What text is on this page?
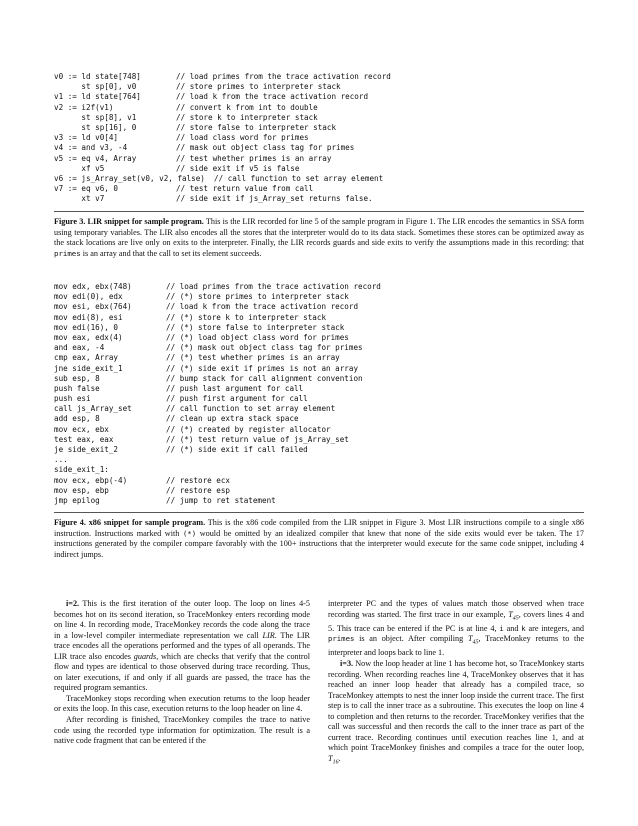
v0 := ld state[748]	// load primes from the trace activation record
st sp[0], v0	// store primes to interpreter stack
v1 := ld state[764]	// load k from the trace activation record
v2 := i2f(v1)	// convert k from int to double
st sp[8], v1	// store k to interpreter stack
st sp[16], 0	// store false to interpreter stack
v3 := ld v0[4]	// load class word for primes
v4 := and v3, -4	// mask out object class tag for primes
v5 := eq v4, Array	// test whether primes is an array
xf v5	// side exit if v5 is false
v6 := js_Array_set(v0, v2, false)  // call function to set array element
v7 := eq v6, 0	// test return value from call
xt v7	// side exit if js_Array_set returns false.

Figure 3. LIR snippet for sample program. This is the LIR recorded for line 5 of the sample program in Figure 1. The LIR encodes the semantics in SSA form using temporary variables. The LIR also encodes all the stores that the interpreter would do to its data stack. Sometimes these stores can be optimized away as the stack locations are live only on exits to the interpreter. Finally, the LIR records guards and side exits to verify the assumptions made in this recording: that primes is an array and that the call to set its element succeeds.

mov edx, ebx(748)	// load primes from the trace activation record
mov edi(0), edx	// (*) store primes to interpreter stack
mov esi, ebx(764)	// load k from the trace activation record
mov edi(8), esi	// (*) store k to interpreter stack
mov edi(16), 0	// (*) store false to interpreter stack
mov eax, edx(4)	// (*) load object class word for primes
and eax, -4	// (*) mask out object class tag for primes
cmp eax, Array	// (*) test whether primes is an array
jne side_exit_1	// (*) side exit if primes is not an array
sub esp, 8	// bump stack for call alignment convention
push false	// push last argument for call
push esi	// push first argument for call
call js_Array_set	// call function to set array element
add esp, 8	// clean up extra stack space
mov ecx, ebx	// (*) created by register allocator
test eax, eax	// (*) test return value of js_Array_set
je side_exit_2	// (*) side exit if call failed
...
side_exit_1:
mov ecx, ebp(-4)	// restore ecx
mov esp, ebp	// restore esp
jmp epilog	// jump to ret statement

Figure 4. x86 snippet for sample program. This is the x86 code compiled from the LIR snippet in Figure 3. Most LIR instructions compile to a single x86 instruction. Instructions marked with (*) would be omitted by an idealized compiler that knew that none of the side exits would ever be taken. The 17 instructions generated by the compiler compare favorably with the 100+ instructions that the interpreter would execute for the same code snippet, including 4 indirect jumps.

i=2. This is the first iteration of the outer loop. The loop on lines 4-5 becomes hot on its second iteration, so TraceMonkey enters recording mode on line 4. In recording mode, TraceMonkey records the code along the trace in a low-level compiler intermediate representation we call LIR. The LIR trace encodes all the operations performed and the types of all operands. The LIR trace also encodes guards, which are checks that verify that the control flow and types are identical to those observed during trace recording. Thus, on later executions, if and only if all guards are passed, the trace has the required program semantics.

TraceMonkey stops recording when execution returns to the loop header or exits the loop. In this case, execution returns to the loop header on line 4.

After recording is finished, TraceMonkey compiles the trace to native code using the recorded type information for optimization. The result is a native code fragment that can be entered if the

interpreter PC and the types of values match those observed when trace recording was started. The first trace in our example, $T_{45}$, covers lines 4 and 5. This trace can be entered if the PC is at line 4, i and k are integers, and primes is an object. After compiling $T_{45}$, TraceMonkey returns to the interpreter and loops back to line 1.

i=3. Now the loop header at line 1 has become hot, so TraceMonkey starts recording. When recording reaches line 4, TraceMonkey observes that it has reached an inner loop header that already has a compiled trace, so TraceMonkey attempts to nest the inner loop inside the current trace. The first step is to call the inner trace as a subroutine. This executes the loop on line 4 to completion and then returns to the recorder. TraceMonkey verifies that the call was successful and then records the call to the inner trace as part of the current trace. Recording continues until execution reaches line 1, and at which point TraceMonkey finishes and compiles a trace for the outer loop, $T_{16}$.
